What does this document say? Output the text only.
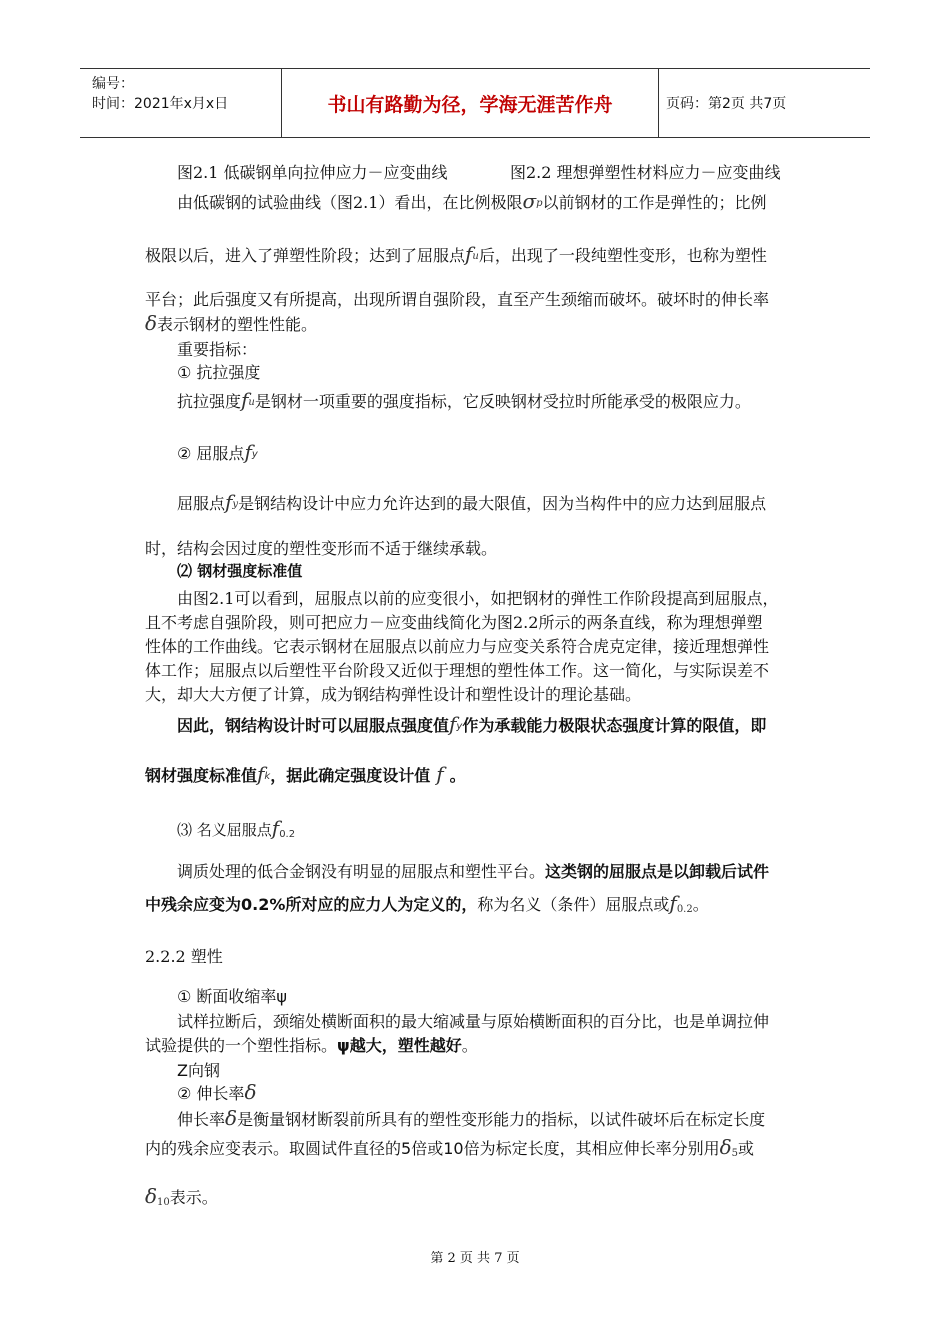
编号：
时间：2021年x月x日	书山有路勤为径，学海无涯苦作舟	页码：第2页 共7页
图2.1 低碳钢单向拉伸应力－应变曲线	图2.2 理想弹塑性材料应力－应变曲线
由低碳钢的试验曲线（图2.1）看出，在比例极限$\sigma^p$以前钢材的工作是弹性的；比例
极限以后，进入了弹塑性阶段；达到了屈服点$f^u$后，出现了一段纯塑性变形，也称为塑性
平台；此后强度又有所提高，出现所谓自强阶段，直至产生颈缩而破坏。破坏时的伸长率
δ表示钢材的塑性性能。
重要指标：
① 抗拉强度
抗拉强度$f^u$是钢材一项重要的强度指标，它反映钢材受拉时所能承受的极限应力。
② 屈服点$f^y$
屈服点$f^y$是钢结构设计中应力允许达到的最大限值，因为当构件中的应力达到屈服点
时，结构会因过度的塑性变形而不适于继续承载。
⑵ 钢材强度标准值
由图2.1可以看到，屈服点以前的应变很小，如把钢材的弹性工作阶段提高到屈服点，
且不考虑自强阶段，则可把应力－应变曲线简化为图2.2所示的两条直线，称为理想弹塑
性体的工作曲线。它表示钢材在屈服点以前应力与应变关系符合虎克定律，接近理想弹性
体工作；屈服点以后塑性平台阶段又近似于理想的塑性体工作。这一简化，与实际误差不
大，却大大方便了计算，成为钢结构弹性设计和塑性设计的理论基础。
因此，钢结构设计时可以屈服点强度值$f^y$作为承载能力极限状态强度计算的限值，即
钢材强度标准值$f^k$，据此确定强度设计值 f 。
⑶ 名义屈服点f0.2
调质处理的低合金钢没有明显的屈服点和塑性平台。这类钢的屈服点是以卸载后试件
中残余应变为0.2%所对应的应力人为定义的，称为名义（条件）屈服点或f0.2。
2.2.2 塑性
① 断面收缩率ψ
试样拉断后，颈缩处横断面积的最大缩减量与原始横断面积的百分比，也是单调拉伸
试验提供的一个塑性指标。ψ越大，塑性越好。
Z向钢
② 伸长率δ
伸长率δ是衡量钢材断裂前所具有的塑性变形能力的指标，以试件破坏后在标定长度
内的残余应变表示。取圆试件直径的5倍或10倍为标定长度，其相应伸长率分别用δ5或
δ10表示。
第 2 页 共 7 页
